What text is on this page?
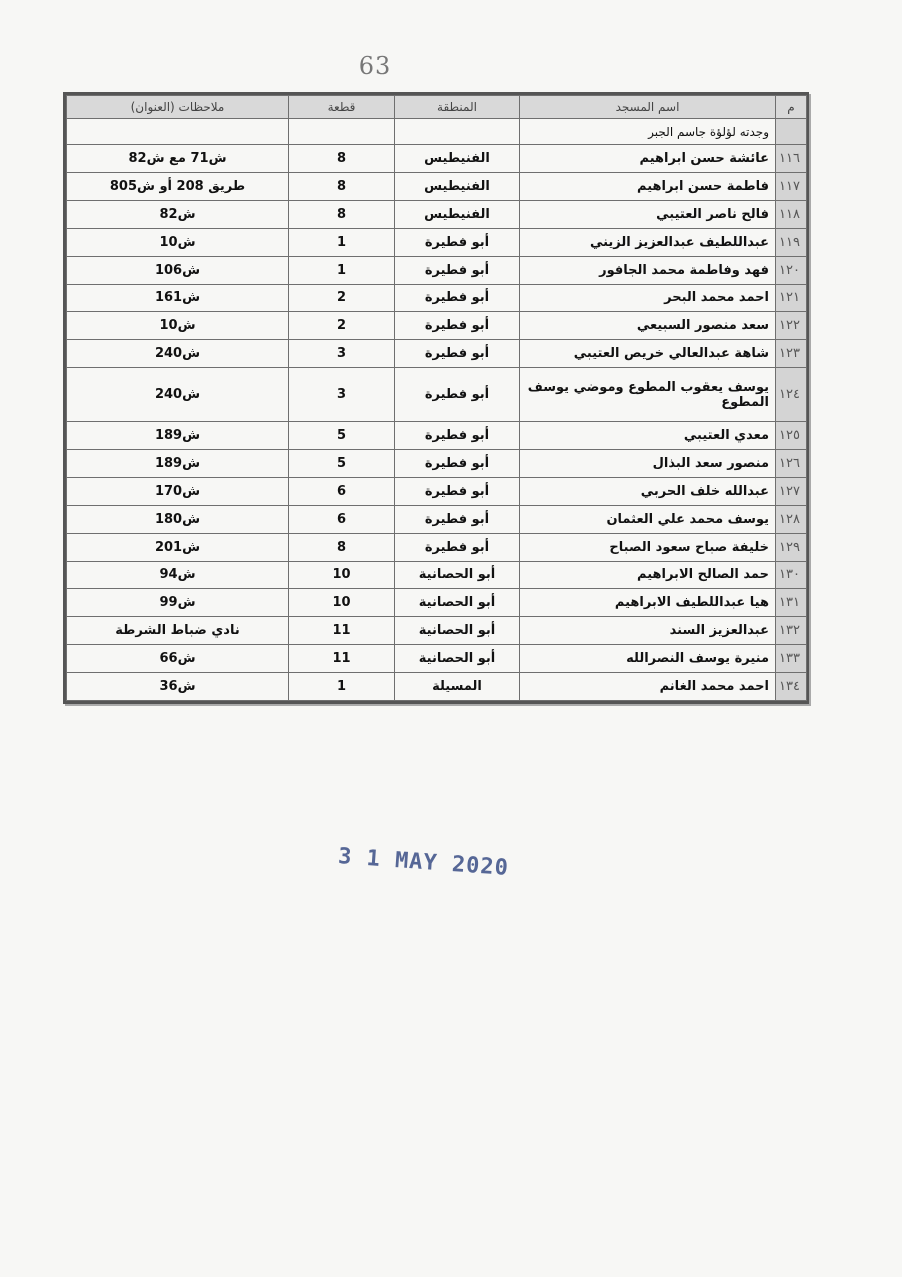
63
م	اسم المسجد	المنطقة	قطعة	ملاحظات (العنوان)
	وجدته لؤلؤة جاسم الجبر			
١١٦	عائشة حسن ابراهيم	الفنيطيس	8	ش71 مع ش82
١١٧	فاطمة حسن ابراهيم	الفنيطيس	8	طريق 208 أو ش805
١١٨	فالح ناصر العتيبي	الفنيطيس	8	ش82
١١٩	عبداللطيف عبدالعزيز الزيني	أبو فطيرة	1	ش10
١٢٠	فهد وفاطمة محمد الجافور	أبو فطيرة	1	ش106
١٢١	احمد محمد البحر	أبو فطيرة	2	ش161
١٢٢	سعد منصور السبيعي	أبو فطيرة	2	ش10
١٢٣	شاهة عبدالعالي خريص العتيبي	أبو فطيرة	3	ش240
١٢٤	يوسف يعقوب المطوع وموضي يوسف المطوع	أبو فطيرة	3	ش240
١٢٥	معدي العتيبي	أبو فطيرة	5	ش189
١٢٦	منصور سعد البذال	أبو فطيرة	5	ش189
١٢٧	عبدالله خلف الحربي	أبو فطيرة	6	ش170
١٢٨	يوسف محمد علي العثمان	أبو فطيرة	6	ش180
١٢٩	خليفة صباح سعود الصباح	أبو فطيرة	8	ش201
١٣٠	حمد الصالح الابراهيم	أبو الحصانية	10	ش94
١٣١	هيا عبداللطيف الابراهيم	أبو الحصانية	10	ش99
١٣٢	عبدالعزيز السند	أبو الحصانية	11	نادي ضباط الشرطة
١٣٣	منيرة يوسف النصرالله	أبو الحصانية	11	ش66
١٣٤	احمد محمد الغانم	المسيلة	1	ش36
3 1 MAY 2020
